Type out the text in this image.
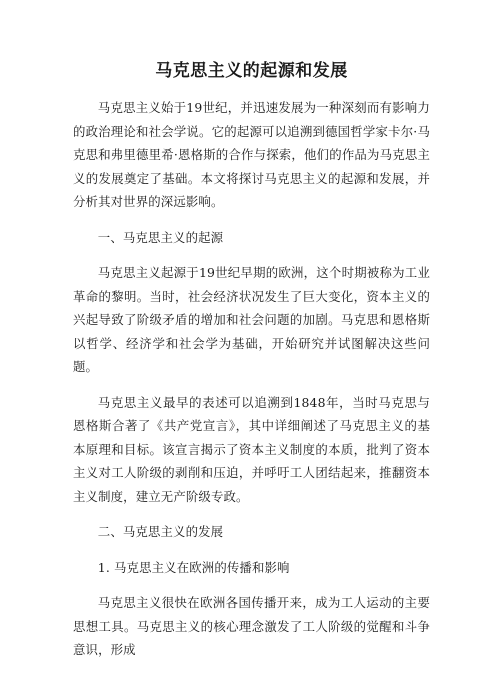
马克思主义的起源和发展

马克思主义始于19世纪，并迅速发展为一种深刻而有影响力的政治理论和社会学说。它的起源可以追溯到德国哲学家卡尔·马克思和弗里德里希·恩格斯的合作与探索，他们的作品为马克思主义的发展奠定了基础。本文将探讨马克思主义的起源和发展，并分析其对世界的深远影响。

一、马克思主义的起源

马克思主义起源于19世纪早期的欧洲，这个时期被称为工业革命的黎明。当时，社会经济状况发生了巨大变化，资本主义的兴起导致了阶级矛盾的增加和社会问题的加剧。马克思和恩格斯以哲学、经济学和社会学为基础，开始研究并试图解决这些问题。

马克思主义最早的表述可以追溯到1848年，当时马克思与恩格斯合著了《共产党宣言》，其中详细阐述了马克思主义的基本原理和目标。该宣言揭示了资本主义制度的本质，批判了资本主义对工人阶级的剥削和压迫，并呼吁工人团结起来，推翻资本主义制度，建立无产阶级专政。

二、马克思主义的发展

1. 马克思主义在欧洲的传播和影响

马克思主义很快在欧洲各国传播开来，成为工人运动的主要思想工具。马克思主义的核心理念激发了工人阶级的觉醒和斗争意识，形成
